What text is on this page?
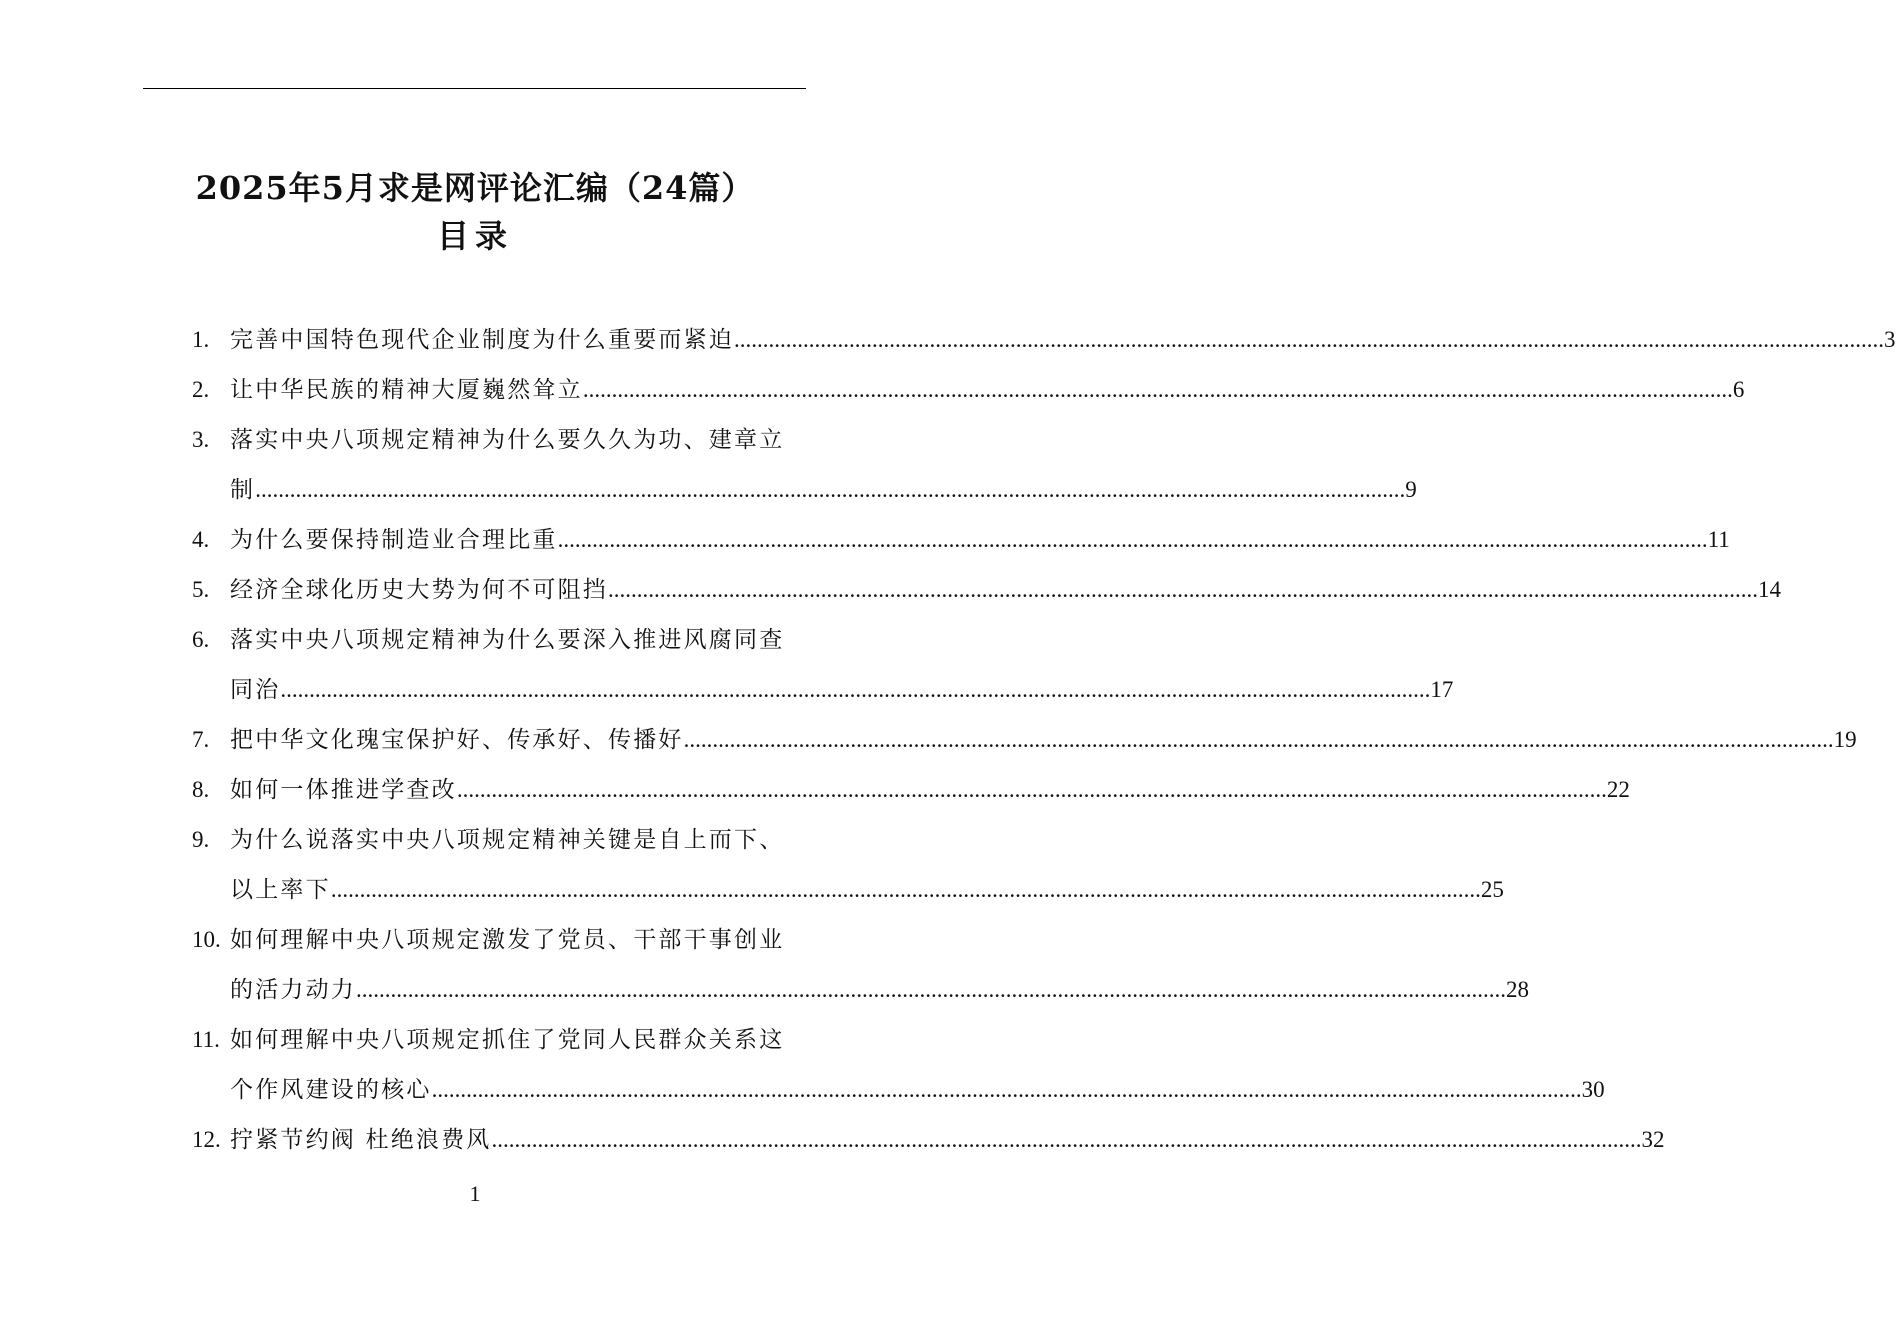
2025年5月求是网评论汇编（24篇）
目录
1. 完善中国特色现代企业制度为什么重要而紧迫 ........................................................................................................................................................................................................ 3
2. 让中华民族的精神大厦巍然耸立 ........................................................................................................................................................................................................ 6
3. 落实中央八项规定精神为什么要久久为功、建章立
制 ........................................................................................................................................................................................................ 9
4. 为什么要保持制造业合理比重 ........................................................................................................................................................................................................ 11
5. 经济全球化历史大势为何不可阻挡 ........................................................................................................................................................................................................ 14
6. 落实中央八项规定精神为什么要深入推进风腐同查
同治 ........................................................................................................................................................................................................ 17
7. 把中华文化瑰宝保护好、传承好、传播好 ........................................................................................................................................................................................................ 19
8. 如何一体推进学查改 ........................................................................................................................................................................................................ 22
9. 为什么说落实中央八项规定精神关键是自上而下、
以上率下 ........................................................................................................................................................................................................ 25
10. 如何理解中央八项规定激发了党员、干部干事创业
的活力动力 ........................................................................................................................................................................................................ 28
11. 如何理解中央八项规定抓住了党同人民群众关系这
个作风建设的核心 ........................................................................................................................................................................................................ 30
12. 拧紧节约阀 杜绝浪费风 ........................................................................................................................................................................................................ 32
1
